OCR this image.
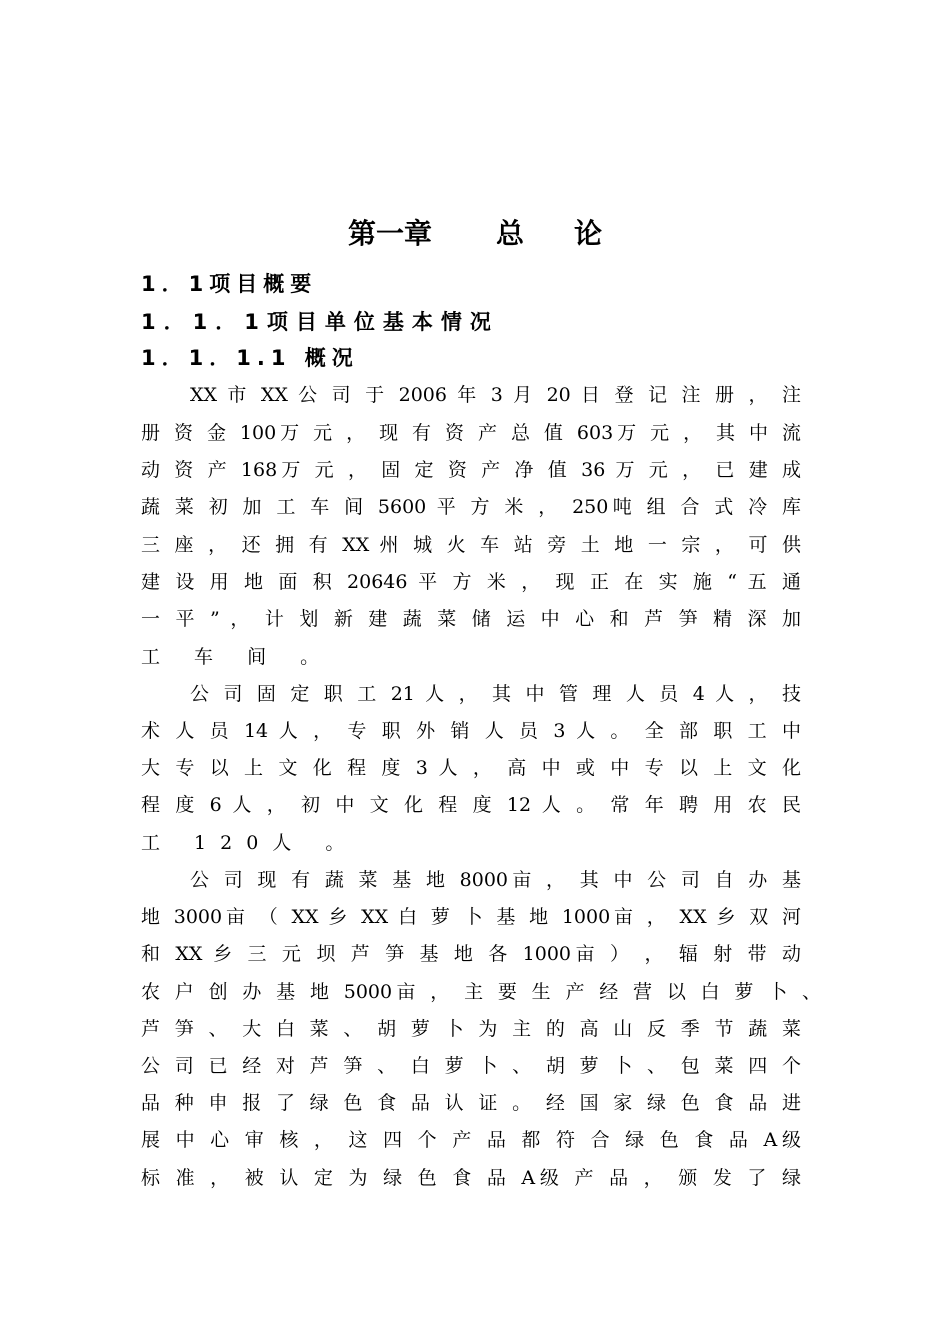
第一章 总 论
1．1项目概要
1．1．1项目单位基本情况
1．1．1.1 概况

XX 市 XX 公 司 于 2006 年 3 月 20 日 登 记 注 册 ， 注

册 资 金 100万 元 ， 现 有 资 产 总 值 603万 元 ， 其 中 流

动 资 产 168万 元 ， 固 定 资 产 净 值 36 万 元 ， 已 建 成

蔬 菜 初 加 工 车 间 5600 平 方 米 ， 250吨 组 合 式 冷 库

三 座 ， 还 拥 有 XX 州 城 火 车 站 旁 土 地 一 宗 ， 可 供

建 设 用 地 面 积 20646 平 方 米 ， 现 正 在 实 施 “ 五 通

一 平 ” ， 计 划 新 建 蔬 菜 储 运 中 心 和 芦 笋 精 深 加

工 车 间 。

公 司 固 定 职 工 21 人 ， 其 中 管 理 人 员 4 人 ， 技

术 人 员 14 人 ， 专 职 外 销 人 员 3 人 。 全 部 职 工 中

大 专 以 上 文 化 程 度 3 人 ， 高 中 或 中 专 以 上 文 化

程 度 6 人 ， 初 中 文 化 程 度 12 人 。 常 年 聘 用 农 民

工 120人 。

公 司 现 有 蔬 菜 基 地 8000亩 ， 其 中 公 司 自 办 基

地 3000亩 （ XX 乡 XX 白 萝 卜 基 地 1000亩 ， XX 乡 双 河

和 XX 乡 三 元 坝 芦 笋 基 地 各 1000亩 ） ， 辐 射 带 动

农 户 创 办 基 地 5000亩 ， 主 要 生 产 经 营 以 白 萝 卜 、

芦 笋 、 大 白 菜 、 胡 萝 卜 为 主 的 高 山 反 季 节 蔬 菜

公 司 已 经 对 芦 笋 、 白 萝 卜 、 胡 萝 卜 、 包 菜 四 个

品 种 申 报 了 绿 色 食 品 认 证 。 经 国 家 绿 色 食 品 进

展 中 心 审 核 ， 这 四 个 产 品 都 符 合 绿 色 食 品 A级

标 准 ， 被 认 定 为 绿 色 食 品 A级 产 品 ， 颁 发 了 绿
